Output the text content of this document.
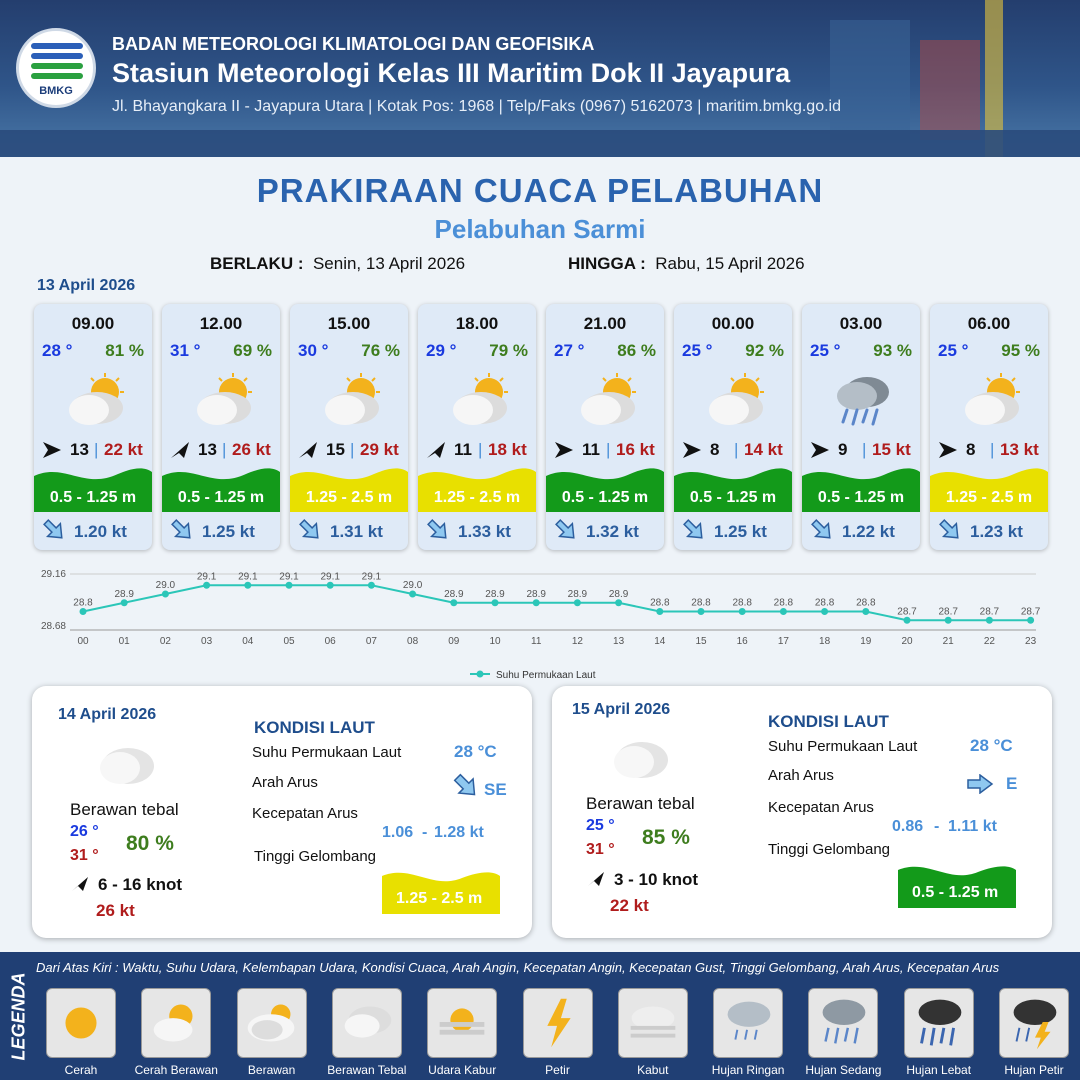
BMKG
BADAN METEOROLOGI KLIMATOLOGI DAN GEOFISIKA
Stasiun Meteorologi Kelas III Maritim Dok II Jayapura
Jl. Bhayangkara II - Jayapura Utara | Kotak Pos: 1968 | Telp/Faks (0967) 5162073 | maritim.bmkg.go.id
PRAKIRAAN CUACA PELABUHAN
Pelabuhan Sarmi
BERLAKU : Senin, 13 April 2026	HINGGA : Rabu, 15 April 2026
13 April 2026
09.00
28 ° 81 %
13 | 22 kt
0.5 - 1.25 m
1.20 kt
12.00
31 ° 69 %
13 | 26 kt
0.5 - 1.25 m
1.25 kt
15.00
30 ° 76 %
15 | 29 kt
1.25 - 2.5 m
1.31 kt
18.00
29 ° 79 %
11 | 18 kt
1.25 - 2.5 m
1.33 kt
21.00
27 ° 86 %
11 | 16 kt
0.5 - 1.25 m
1.32 kt
00.00
25 ° 92 %
8 | 14 kt
0.5 - 1.25 m
1.25 kt
03.00
25 ° 93 %
9 | 15 kt
0.5 - 1.25 m
1.22 kt
06.00
25 ° 95 %
8 | 13 kt
1.25 - 2.5 m
1.23 kt
29.16
28.68
28.8
00
28.9
01
29.0
02
29.1
03
29.1
04
29.1
05
29.1
06
29.1
07
29.0
08
28.9
09
28.9
10
28.9
11
28.9
12
28.9
13
28.8
14
28.8
15
28.8
16
28.8
17
28.8
18
28.8
19
28.7
20
28.7
21
28.7
22
28.7
23
Suhu Permukaan Laut
14 April 2026
Berawan tebal
26 °
31 °
80 %
6 - 16 knot
26 kt
KONDISI LAUT
Suhu Permukaan Laut	28 °C
Arah Arus	SE
Kecepatan Arus
1.06 - 1.28 kt
Tinggi Gelombang
1.25 - 2.5 m
15 April 2026
Berawan tebal
25 °
31 °
85 %
3 - 10 knot
22 kt
KONDISI LAUT
Suhu Permukaan Laut	28 °C
Arah Arus	E
Kecepatan Arus
0.86 - 1.11 kt
Tinggi Gelombang
0.5 - 1.25 m
LEGENDA
Dari Atas Kiri : Waktu, Suhu Udara, Kelembapan Udara, Kondisi Cuaca, Arah Angin, Kecepatan Angin, Kecepatan Gust, Tinggi Gelombang, Arah Arus, Kecepatan Arus
Cerah	Cerah Berawan	Berawan	Berawan Tebal	Udara Kabur	Petir	Kabut	Hujan Ringan	Hujan Sedang	Hujan Lebat	Hujan Petir
